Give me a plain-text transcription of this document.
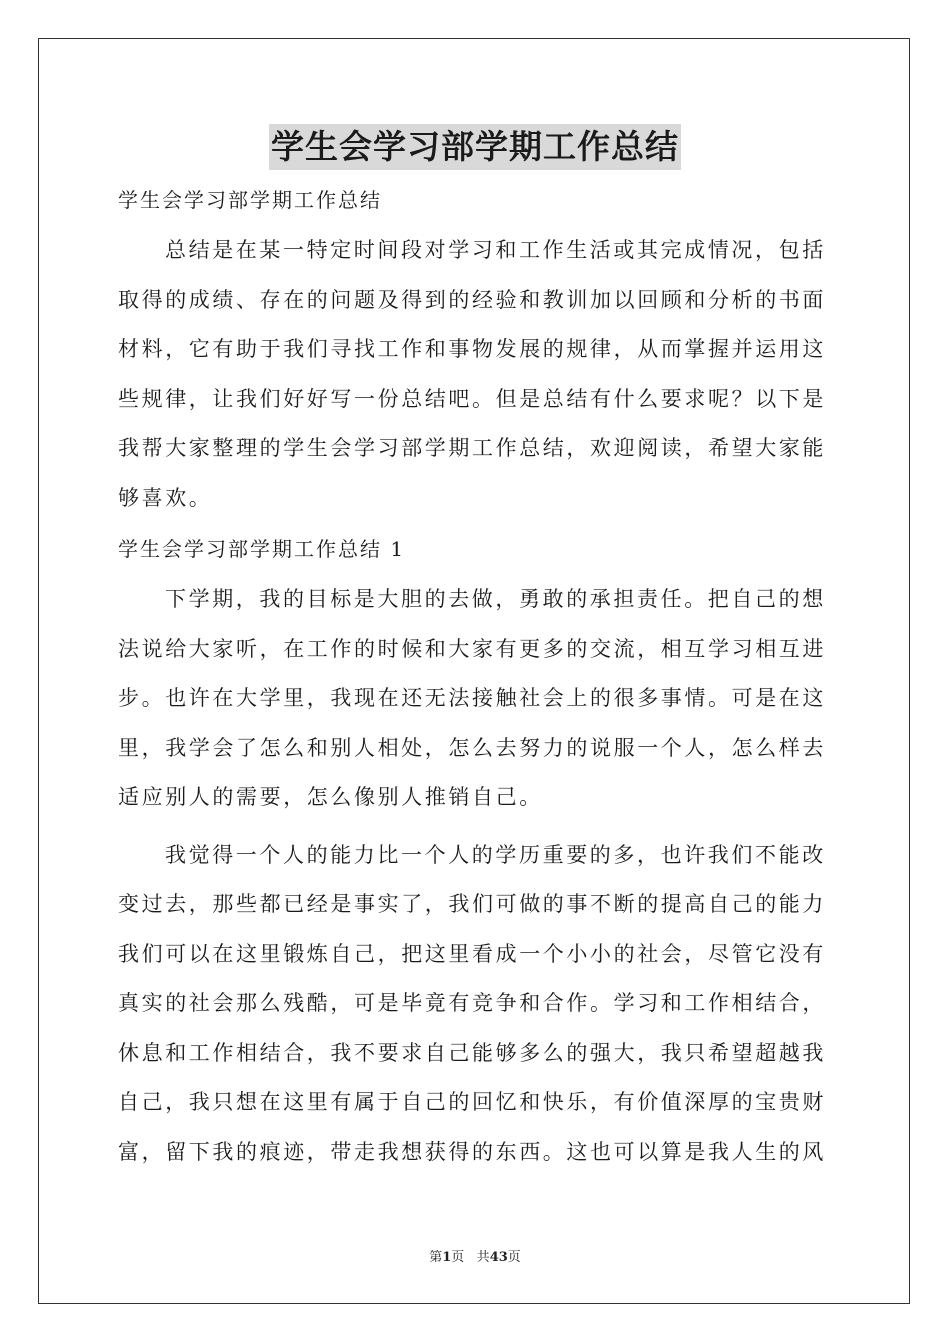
学生会学习部学期工作总结

学生会学习部学期工作总结

总结是在某一特定时间段对学习和工作生活或其完成情况，包括
取得的成绩、存在的问题及得到的经验和教训加以回顾和分析的书面
材料，它有助于我们寻找工作和事物发展的规律，从而掌握并运用这
些规律，让我们好好写一份总结吧。但是总结有什么要求呢？以下是
我帮大家整理的学生会学习部学期工作总结，欢迎阅读，希望大家能
够喜欢。

学生会学习部学期工作总结 1

下学期，我的目标是大胆的去做，勇敢的承担责任。把自己的想
法说给大家听，在工作的时候和大家有更多的交流，相互学习相互进
步。也许在大学里，我现在还无法接触社会上的很多事情。可是在这
里，我学会了怎么和别人相处，怎么去努力的说服一个人，怎么样去
适应别人的需要，怎么像别人推销自己。

我觉得一个人的能力比一个人的学历重要的多，也许我们不能改
变过去，那些都已经是事实了，我们可做的事不断的提高自己的能力
我们可以在这里锻炼自己，把这里看成一个小小的社会，尽管它没有
真实的社会那么残酷，可是毕竟有竞争和合作。学习和工作相结合，
休息和工作相结合，我不要求自己能够多么的强大，我只希望超越我
自己，我只想在这里有属于自己的回忆和快乐，有价值深厚的宝贵财
富，留下我的痕迹，带走我想获得的东西。这也可以算是我人生的风

第1页 共43页
